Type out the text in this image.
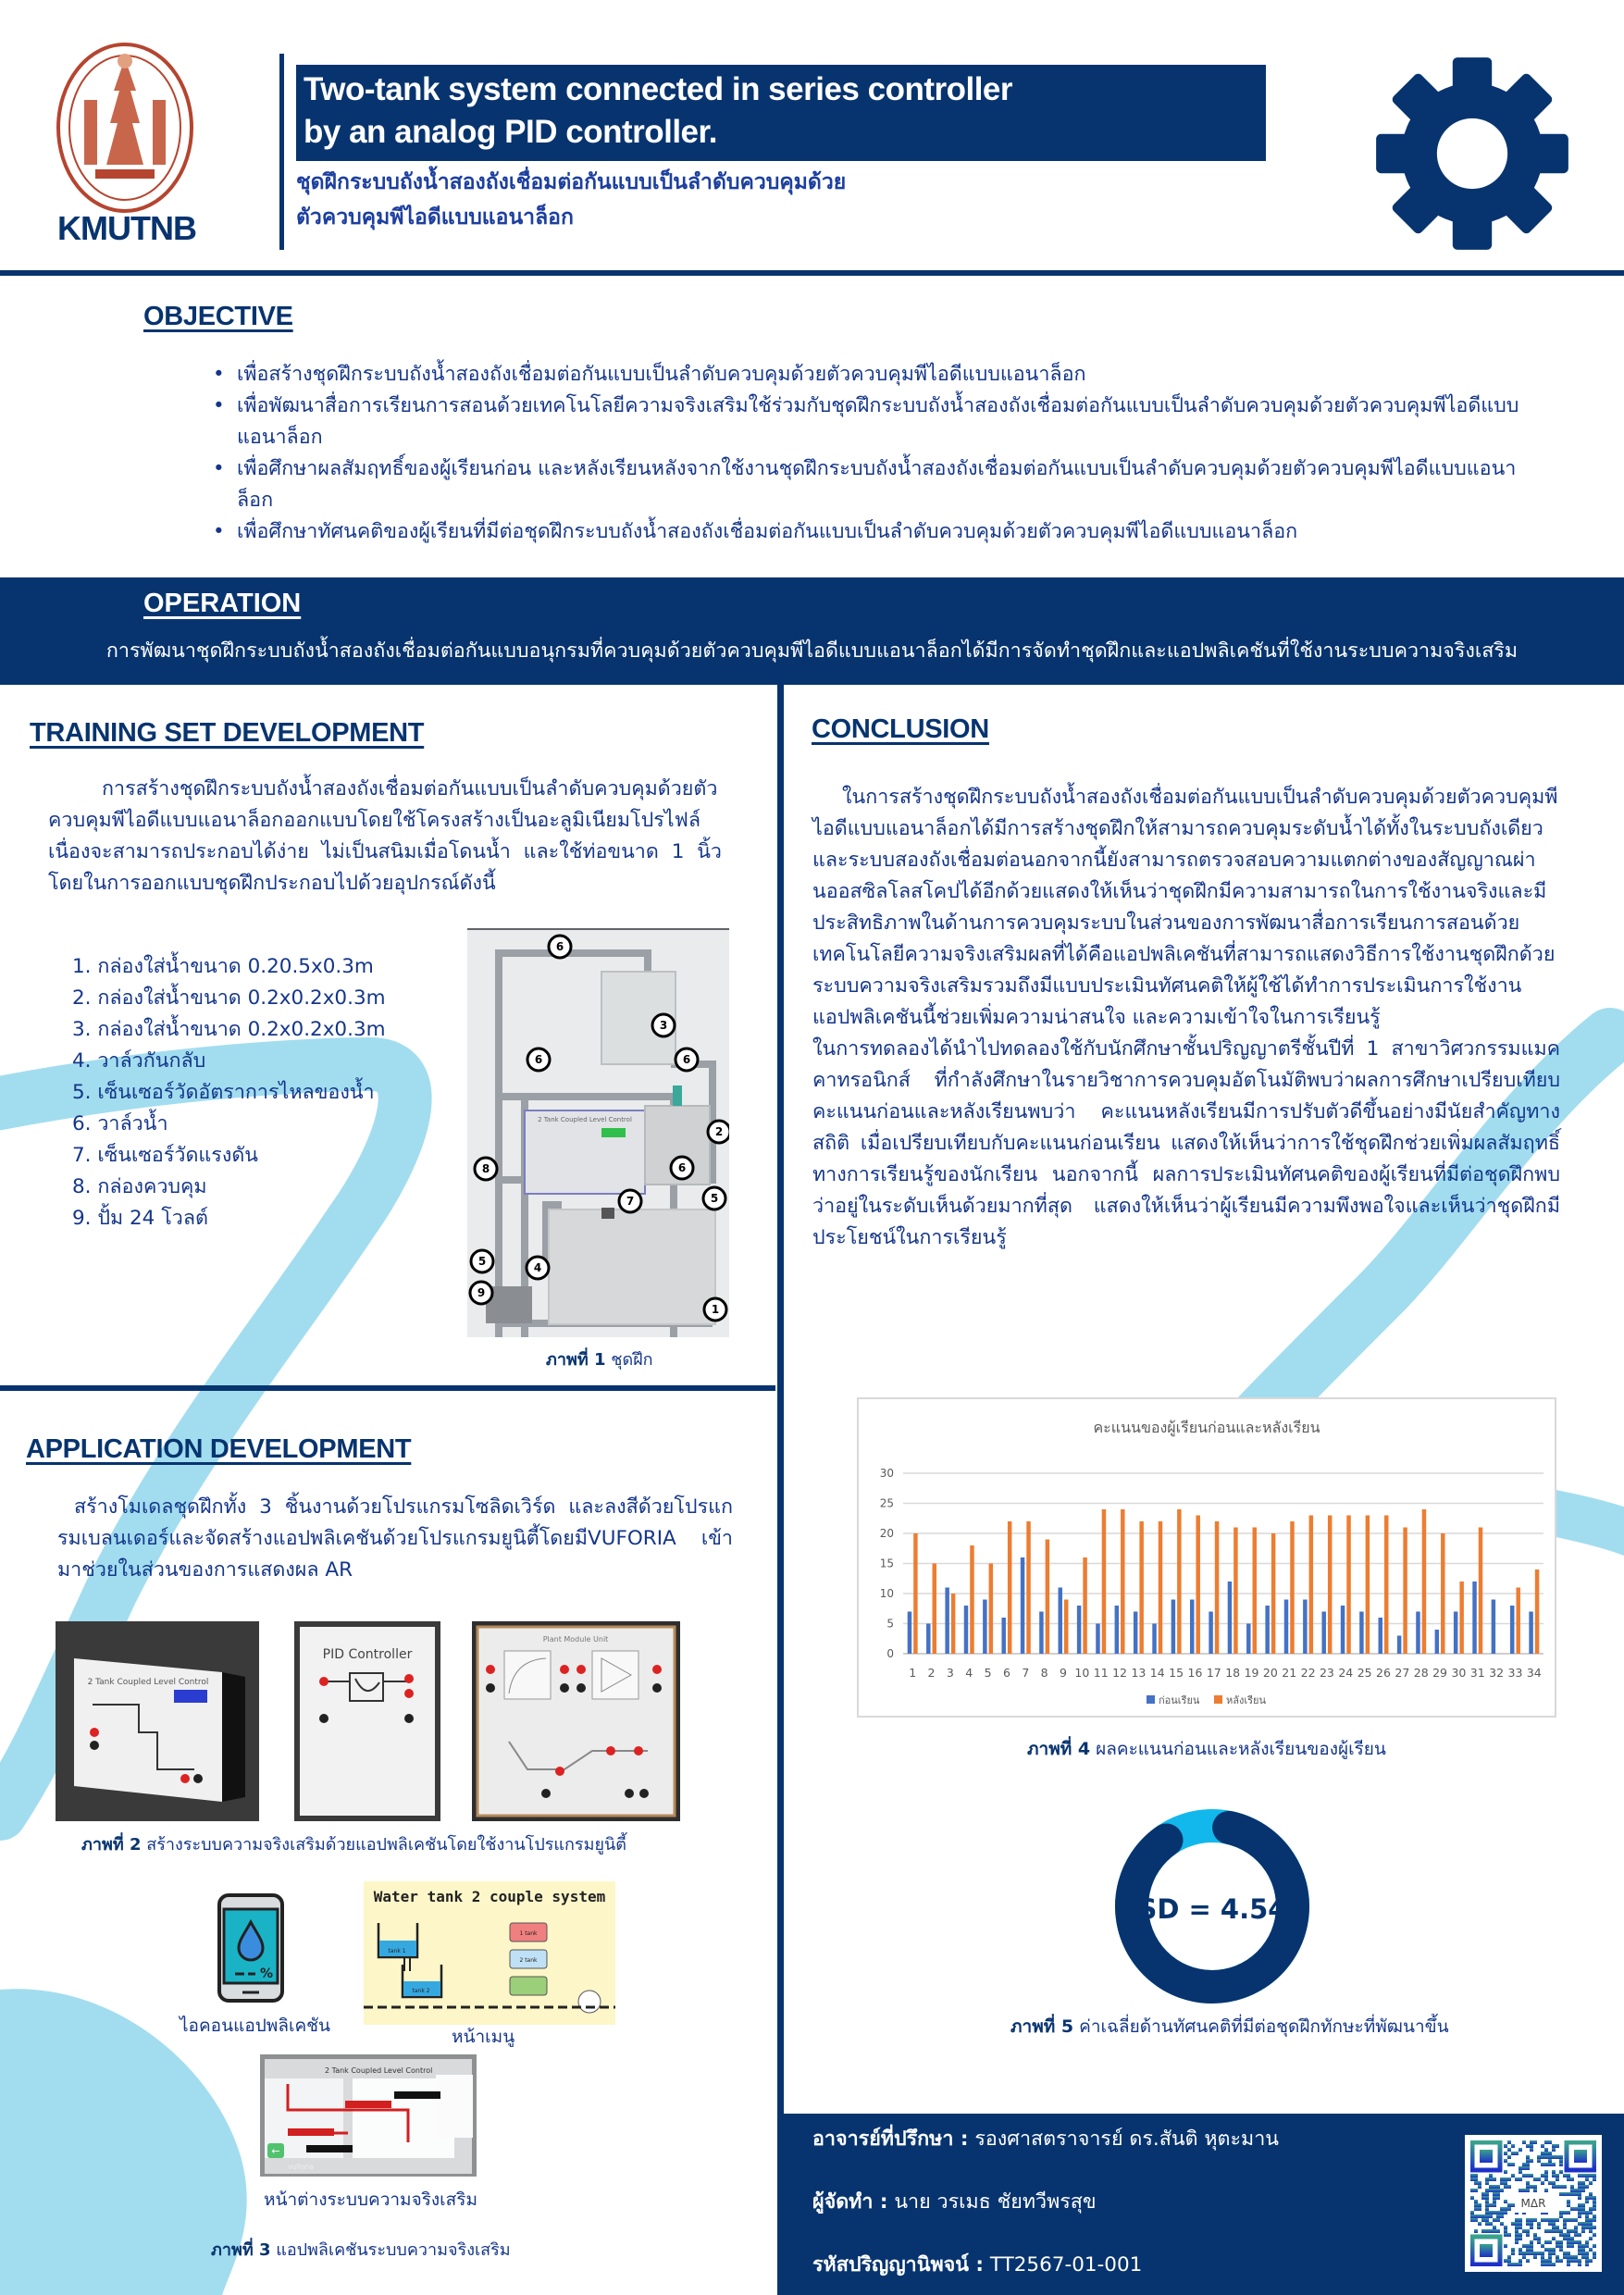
KMUTNB
Two-tank system connected in series controller
by an analog PID controller.
ชุดฝึกระบบถังน้ำสองถังเชื่อมต่อกันแบบเป็นลำดับควบคุมด้วย
ตัวควบคุมพีไอดีแบบแอนาล็อก
OBJECTIVE
• เพื่อสร้างชุดฝึกระบบถังน้ำสองถังเชื่อมต่อกันแบบเป็นลำดับควบคุมด้วยตัวควบคุมพีไอดีแบบแอนาล็อก
• เพื่อพัฒนาสื่อการเรียนการสอนด้วยเทคโนโลยีความจริงเสริมใช้ร่วมกับชุดฝึกระบบถังน้ำสองถังเชื่อมต่อกันแบบเป็นลำดับควบคุมด้วยตัวควบคุมพีไอดีแบบแอนาล็อก
• เพื่อศึกษาผลสัมฤทธิ์ของผู้เรียนก่อน และหลังเรียนหลังจากใช้งานชุดฝึกระบบถังน้ำสองถังเชื่อมต่อกันแบบเป็นลำดับควบคุมด้วยตัวควบคุมพีไอดีแบบแอนาล็อก
• เพื่อศึกษาทัศนคติของผู้เรียนที่มีต่อชุดฝึกระบบถังน้ำสองถังเชื่อมต่อกันแบบเป็นลำดับควบคุมด้วยตัวควบคุมพีไอดีแบบแอนาล็อก
OPERATION
การพัฒนาชุดฝึกระบบถังน้ำสองถังเชื่อมต่อกันแบบอนุกรมที่ควบคุมด้วยตัวควบคุมพีไอดีแบบแอนาล็อกได้มีการจัดทำชุดฝึกและแอปพลิเคชันที่ใช้งานระบบความจริงเสริม
TRAINING SET DEVELOPMENT
การสร้างชุดฝึกระบบถังน้ำสองถังเชื่อมต่อกันแบบเป็นลำดับควบคุมด้วยตัวควบคุมพีไอดีแบบแอนาล็อกออกแบบโดยใช้โครงสร้างเป็นอะลูมิเนียมโปรไฟล์เนื่องจะสามารถประกอบได้ง่าย ไม่เป็นสนิมเมื่อโดนน้ำ และใช้ท่อขนาด 1 นิ้วโดยในการออกแบบชุดฝึกประกอบไปด้วยอุปกรณ์ดังนี้
1. กล่องใส่น้ำขนาด 0.20.5x0.3m
2. กล่องใส่น้ำขนาด 0.2x0.2x0.3m
3. กล่องใส่น้ำขนาด 0.2x0.2x0.3m
4. วาล์วกันกลับ
5. เซ็นเซอร์วัดอัตราการไหลของน้ำ
6. วาล์วน้ำ
7. เซ็นเซอร์วัดแรงดัน
8. กล่องควบคุม
9. ปั้ม 24 โวลต์
2 Tank Coupled Level Control
6
3
6	6
2
8	6
7	5
5	4
9
1
ภาพที่ 1 ชุดฝึก
APPLICATION DEVELOPMENT
สร้างโมเดลชุดฝึกทั้ง 3 ชิ้นงานด้วยโปรแกรมโซลิดเวิร์ด และลงสีด้วยโปรแกรมเบลนเดอร์และจัดสร้างแอปพลิเคชันด้วยโปรแกรมยูนิตี้โดยมีVUFORIA เข้ามาช่วยในส่วนของการแสดงผล AR
2 Tank Coupled Level Control
PID Controller
Plant Module Unit
ภาพที่ 2 สร้างระบบความจริงเสริมด้วยแอปพลิเคชันโดยใช้งานโปรแกรมยูนิตี้
%
ไอคอนแอปพลิเคชัน
Water tank 2 couple system
tank 1
tank 2
1 tank
2 tank
หน้าเมนู
2 Tank Coupled Level Control
←
vuforia
หน้าต่างระบบความจริงเสริม
ภาพที่ 3 แอปพลิเคชันระบบความจริงเสริม
CONCLUSION
ในการสร้างชุดฝึกระบบถังน้ำสองถังเชื่อมต่อกันแบบเป็นลำดับควบคุมด้วยตัวควบคุมพีไอดีแบบแอนาล็อกได้มีการสร้างชุดฝึกให้สามารถควบคุมระดับน้ำได้ทั้งในระบบถังเดียว และระบบสองถังเชื่อมต่อนอกจากนี้ยังสามารถตรวจสอบความแตกต่างของสัญญาณผ่านออสซิลโลสโคปได้อีกด้วยแสดงให้เห็นว่าชุดฝึกมีความสามารถในการใช้งานจริงและมีประสิทธิภาพในด้านการควบคุมระบบในส่วนของการพัฒนาสื่อการเรียนการสอนด้วยเทคโนโลยีความจริงเสริมผลที่ได้คือแอปพลิเคชันที่สามารถแสดงวิธีการใช้งานชุดฝึกด้วยระบบความจริงเสริมรวมถึงมีแบบประเมินทัศนคติให้ผู้ใช้ได้ทำการประเมินการใช้งาน แอปพลิเคชันนี้ช่วยเพิ่มความน่าสนใจ และความเข้าใจในการเรียนรู้
ในการทดลองได้นำไปทดลองใช้กับนักศึกษาชั้นปริญญาตรีชั้นปีที่ 1 สาขาวิศวกรรมแมคคาทรอนิกส์ ที่กำลังศึกษาในรายวิชาการควบคุมอัตโนมัติพบว่าผลการศึกษาเปรียบเทียบคะแนนก่อนและหลังเรียนพบว่า คะแนนหลังเรียนมีการปรับตัวดีขึ้นอย่างมีนัยสำคัญทางสถิติ เมื่อเปรียบเทียบกับคะแนนก่อนเรียน แสดงให้เห็นว่าการใช้ชุดฝึกช่วยเพิ่มผลสัมฤทธิ์ทางการเรียนรู้ของนักเรียน นอกจากนี้ ผลการประเมินทัศนคติของผู้เรียนที่มีต่อชุดฝึกพบว่าอยู่ในระดับเห็นด้วยมากที่สุด แสดงให้เห็นว่าผู้เรียนมีความพึงพอใจและเห็นว่าชุดฝึกมีประโยชน์ในการเรียนรู้
คะแนนของผู้เรียนก่อนและหลังเรียน
0
5
10
15
20
25
30
1 2 3 4 5 6 7 8 9 10 11 12 13 14 15 16 17 18 19 20 21 22 23 24 25 26 27 28 29 30 31 32 33 34
ก่อนเรียน	หลังเรียน
ภาพที่ 4 ผลคะแนนก่อนและหลังเรียนของผู้เรียน
SD = 4.54
ภาพที่ 5 ค่าเฉลี่ยด้านทัศนคติที่มีต่อชุดฝึกทักษะที่พัฒนาขึ้น
อาจารย์ที่ปรึกษา : รองศาสตราจารย์ ดร.สันติ หุตะมาน
ผู้จัดทำ : นาย วรเมธ ชัยทวีพรสุข
รหัสปริญญานิพจน์ : TT2567-01-001
MΔR
